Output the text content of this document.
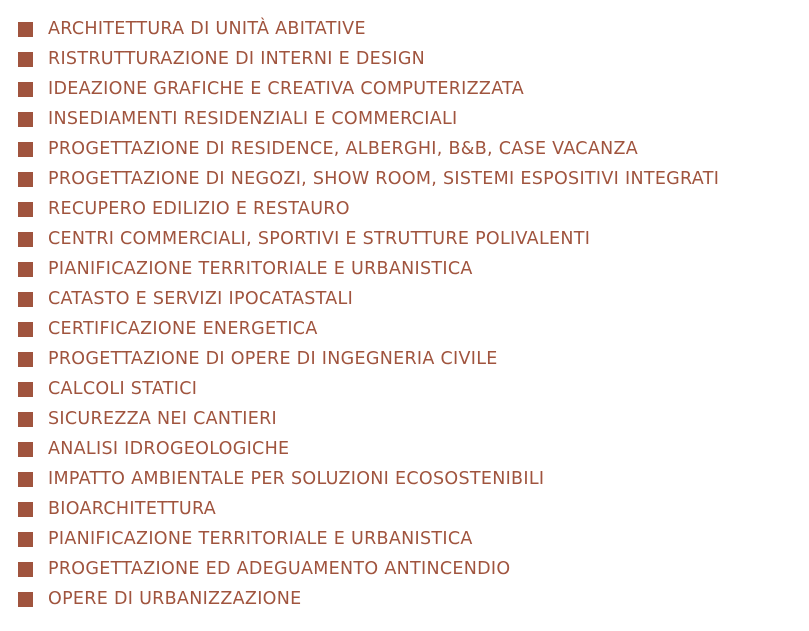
ARCHITETTURA DI UNITÀ ABITATIVE
RISTRUTTURAZIONE DI INTERNI E DESIGN
IDEAZIONE GRAFICHE E CREATIVA COMPUTERIZZATA
INSEDIAMENTI RESIDENZIALI E COMMERCIALI
PROGETTAZIONE DI RESIDENCE, ALBERGHI, B&B, CASE VACANZA
PROGETTAZIONE DI NEGOZI, SHOW ROOM, SISTEMI ESPOSITIVI INTEGRATI
RECUPERO EDILIZIO E RESTAURO
CENTRI COMMERCIALI, SPORTIVI E STRUTTURE POLIVALENTI
PIANIFICAZIONE TERRITORIALE E URBANISTICA
CATASTO E SERVIZI IPOCATASTALI
CERTIFICAZIONE ENERGETICA
PROGETTAZIONE DI OPERE DI INGEGNERIA CIVILE
CALCOLI STATICI
SICUREZZA NEI CANTIERI
ANALISI IDROGEOLOGICHE
IMPATTO AMBIENTALE PER SOLUZIONI ECOSOSTENIBILI
BIOARCHITETTURA
PIANIFICAZIONE TERRITORIALE E URBANISTICA
PROGETTAZIONE ED ADEGUAMENTO ANTINCENDIO
OPERE DI URBANIZZAZIONE
